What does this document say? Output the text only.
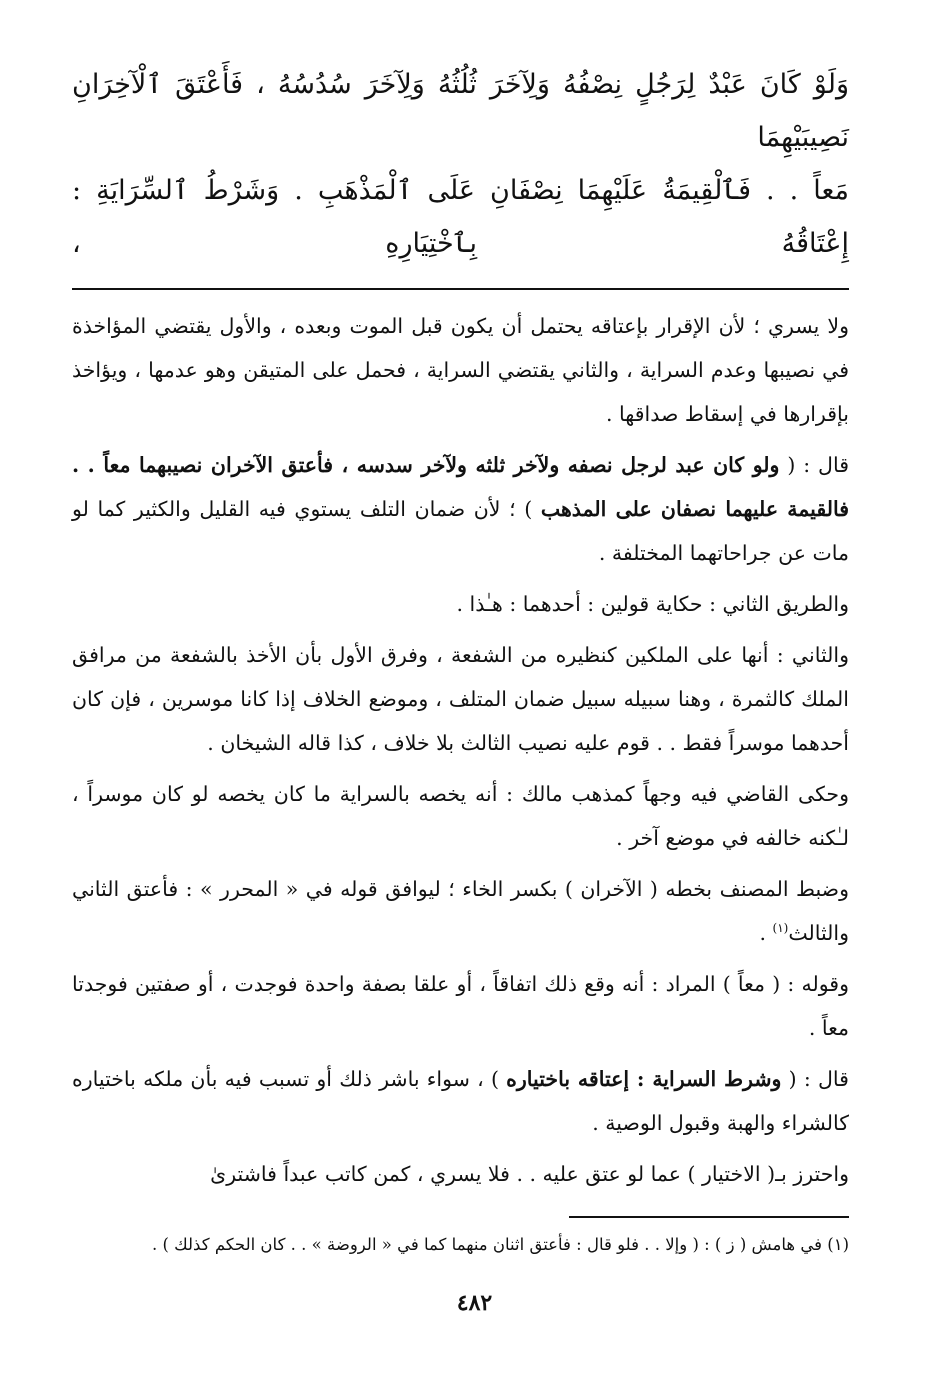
وَلَوْ كَانَ عَبْدٌ لِرَجُلٍ نِصْفُهُ وَلِآخَرَ ثُلُثُهُ وَلِآخَرَ سُدُسُهُ ، فَأَعْتَقَ ٱلْآخِرَانِ نَصِيبَيْهِمَا

مَعاً . . فَٱلْقِيمَةُ عَلَيْهِمَا نِصْفَانِ عَلَى ٱلْمَذْهَبِ . وَشَرْطُ ٱلسِّرَايَةِ : إِعْتَاقُهُ بِٱخْتِيَارِهِ ،

ولا يسري ؛ لأن الإقرار بإعتاقه يحتمل أن يكون قبل الموت وبعده ، والأول يقتضي المؤاخذة في نصيبها وعدم السراية ، والثاني يقتضي السراية ، فحمل على المتيقن وهو عدمها ، ويؤاخذ بإقرارها في إسقاط صداقها .

قال : ( ولو كان عبد لرجل نصفه ولآخر ثلثه ولآخر سدسه ، فأعتق الآخران نصيبهما معاً . . فالقيمة عليهما نصفان على المذهب ) ؛ لأن ضمان التلف يستوي فيه القليل والكثير كما لو مات عن جراحاتهما المختلفة .

والطريق الثاني : حكاية قولين : أحدهما : هـٰذا .

والثاني : أنها على الملكين كنظيره من الشفعة ، وفرق الأول بأن الأخذ بالشفعة من مرافق الملك كالثمرة ، وهنا سبيله سبيل ضمان المتلف ، وموضع الخلاف إذا كانا موسرين ، فإن كان أحدهما موسراً فقط . . قوم عليه نصيب الثالث بلا خلاف ، كذا قاله الشيخان .

وحكى القاضي فيه وجهاً كمذهب مالك : أنه يخصه بالسراية ما كان يخصه لو كان موسراً ، لـٰكنه خالفه في موضع آخر .

وضبط المصنف بخطه ( الآخران ) بكسر الخاء ؛ ليوافق قوله في « المحرر » : فأعتق الثاني والثالث$^{(١)}$ .

وقوله : ( معاً ) المراد : أنه وقع ذلك اتفاقاً ، أو علقا بصفة واحدة فوجدت ، أو صفتين فوجدتا معاً .

قال : ( وشرط السراية : إعتاقه باختياره ) ، سواء باشر ذلك أو تسبب فيه بأن ملكه باختياره كالشراء والهبة وقبول الوصية .

واحترز بـ( الاختيار ) عما لو عتق عليه . . فلا يسري ، كمن كاتب عبداً فاشترىٰ

(١) في هامش ( ز ) : ( وإلا . . فلو قال : فأعتق اثنان منهما كما في « الروضة » . . كان الحكم كذلك ) .

٤٨٢
